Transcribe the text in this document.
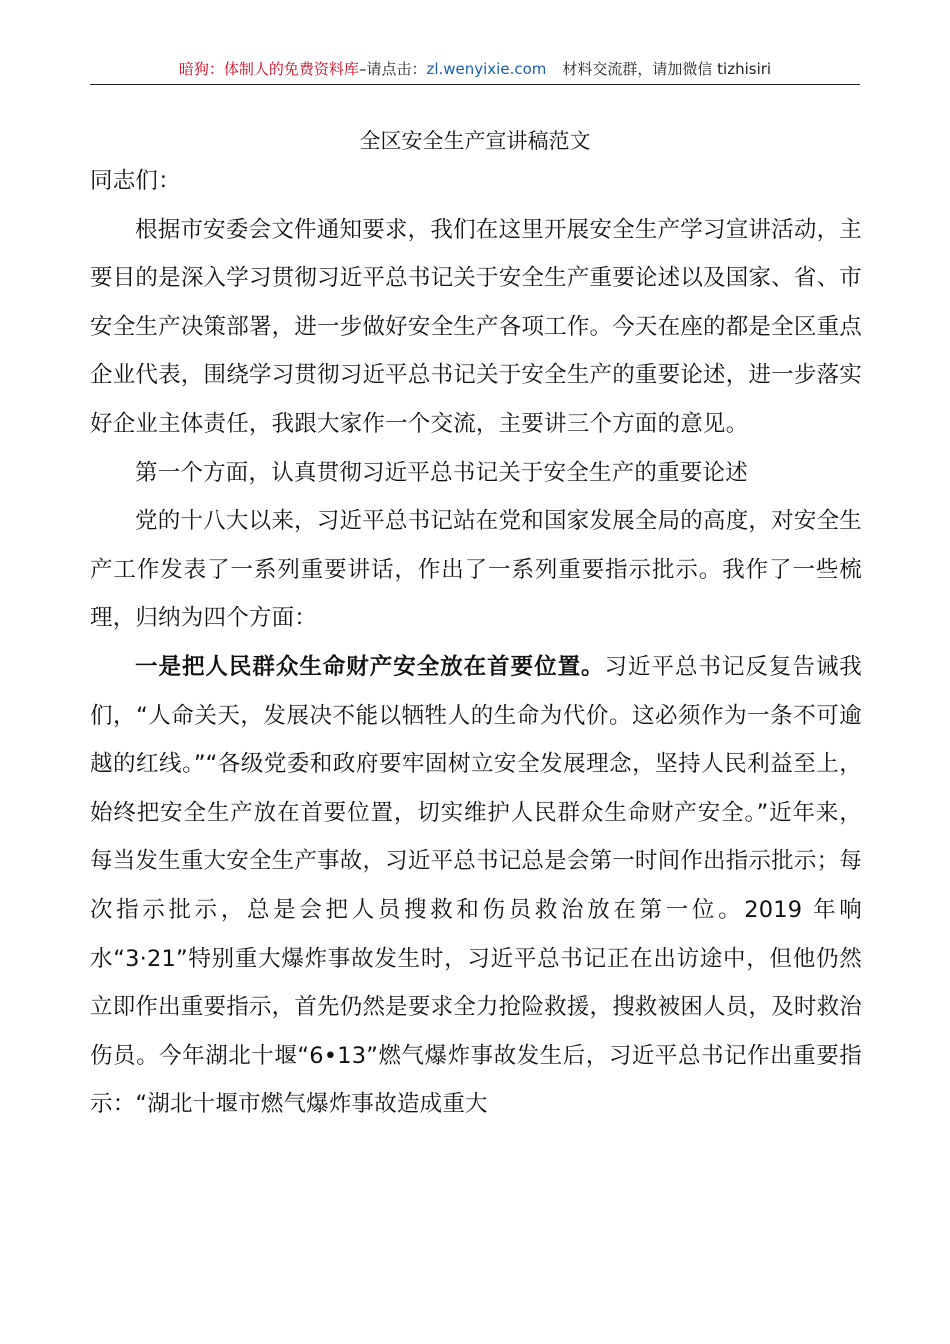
暗狗：体制人的免费资料库–请点击：zl.wenyixie.com 材料交流群，请加微信 tizhisiri
全区安全生产宣讲稿范文

同志们：

根据市安委会文件通知要求，我们在这里开展安全生产学习宣讲活动，主要目的是深入学习贯彻习近平总书记关于安全生产重要论述以及国家、省、市安全生产决策部署，进一步做好安全生产各项工作。今天在座的都是全区重点企业代表，围绕学习贯彻习近平总书记关于安全生产的重要论述，进一步落实好企业主体责任，我跟大家作一个交流，主要讲三个方面的意见。

第一个方面，认真贯彻习近平总书记关于安全生产的重要论述

党的十八大以来，习近平总书记站在党和国家发展全局的高度，对安全生产工作发表了一系列重要讲话，作出了一系列重要指示批示。我作了一些梳理，归纳为四个方面：

一是把人民群众生命财产安全放在首要位置。习近平总书记反复告诫我们，“人命关天，发展决不能以牺牲人的生命为代价。这必须作为一条不可逾越的红线。”“各级党委和政府要牢固树立安全发展理念，坚持人民利益至上，始终把安全生产放在首要位置，切实维护人民群众生命财产安全。”近年来，每当发生重大安全生产事故，习近平总书记总是会第一时间作出指示批示；每次指示批示，总是会把人员搜救和伤员救治放在第一位。2019 年响水“3·21”特别重大爆炸事故发生时，习近平总书记正在出访途中，但他仍然立即作出重要指示，首先仍然是要求全力抢险救援，搜救被困人员，及时救治伤员。今年湖北十堰“6•13”燃气爆炸事故发生后，习近平总书记作出重要指示：“湖北十堰市燃气爆炸事故造成重大
